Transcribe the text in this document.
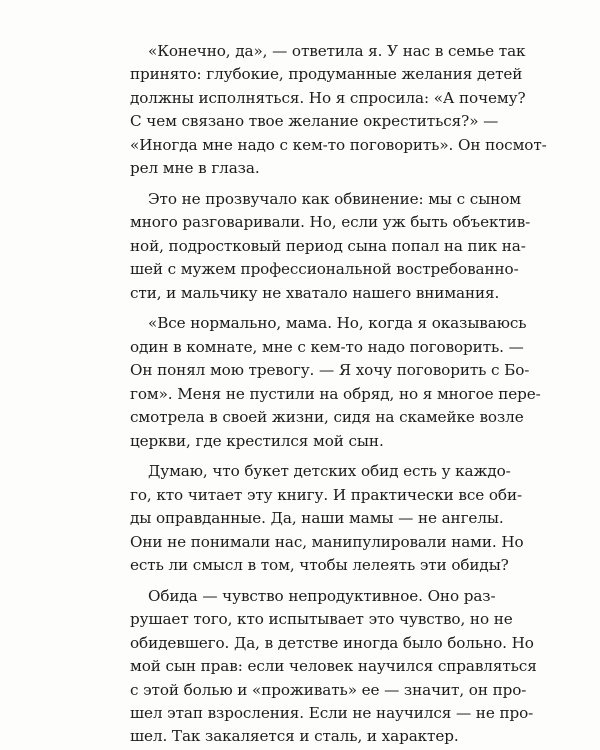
«Конечно, да», — ответила я. У нас в семье так
принято: глубокие, продуманные желания детей
должны исполняться. Но я спросила: «А почему?
С чем связано твое желание окреститься?» —
«Иногда мне надо с кем-то поговорить». Он посмот-
рел мне в глаза.

Это не прозвучало как обвинение: мы с сыном
много разговаривали. Но, если уж быть объектив-
ной, подростковый период сына попал на пик на-
шей с мужем профессиональной востребованно-
сти, и мальчику не хватало нашего внимания.

«Все нормально, мама. Но, когда я оказываюсь
один в комнате, мне с кем-то надо поговорить. —
Он понял мою тревогу. — Я хочу поговорить с Бо-
гом». Меня не пустили на обряд, но я многое пере-
смотрела в своей жизни, сидя на скамейке возле
церкви, где крестился мой сын.

Думаю, что букет детских обид есть у каждо-
го, кто читает эту книгу. И практически все оби-
ды оправданные. Да, наши мамы — не ангелы.
Они не понимали нас, манипулировали нами. Но
есть ли смысл в том, чтобы лелеять эти обиды?

Обида — чувство непродуктивное. Оно раз-
рушает того, кто испытывает это чувство, но не
обидевшего. Да, в детстве иногда было больно. Но
мой сын прав: если человек научился справляться
с этой болью и «проживать» ее — значит, он про-
шел этап взросления. Если не научился — не про-
шел. Так закаляется и сталь, и характер.
